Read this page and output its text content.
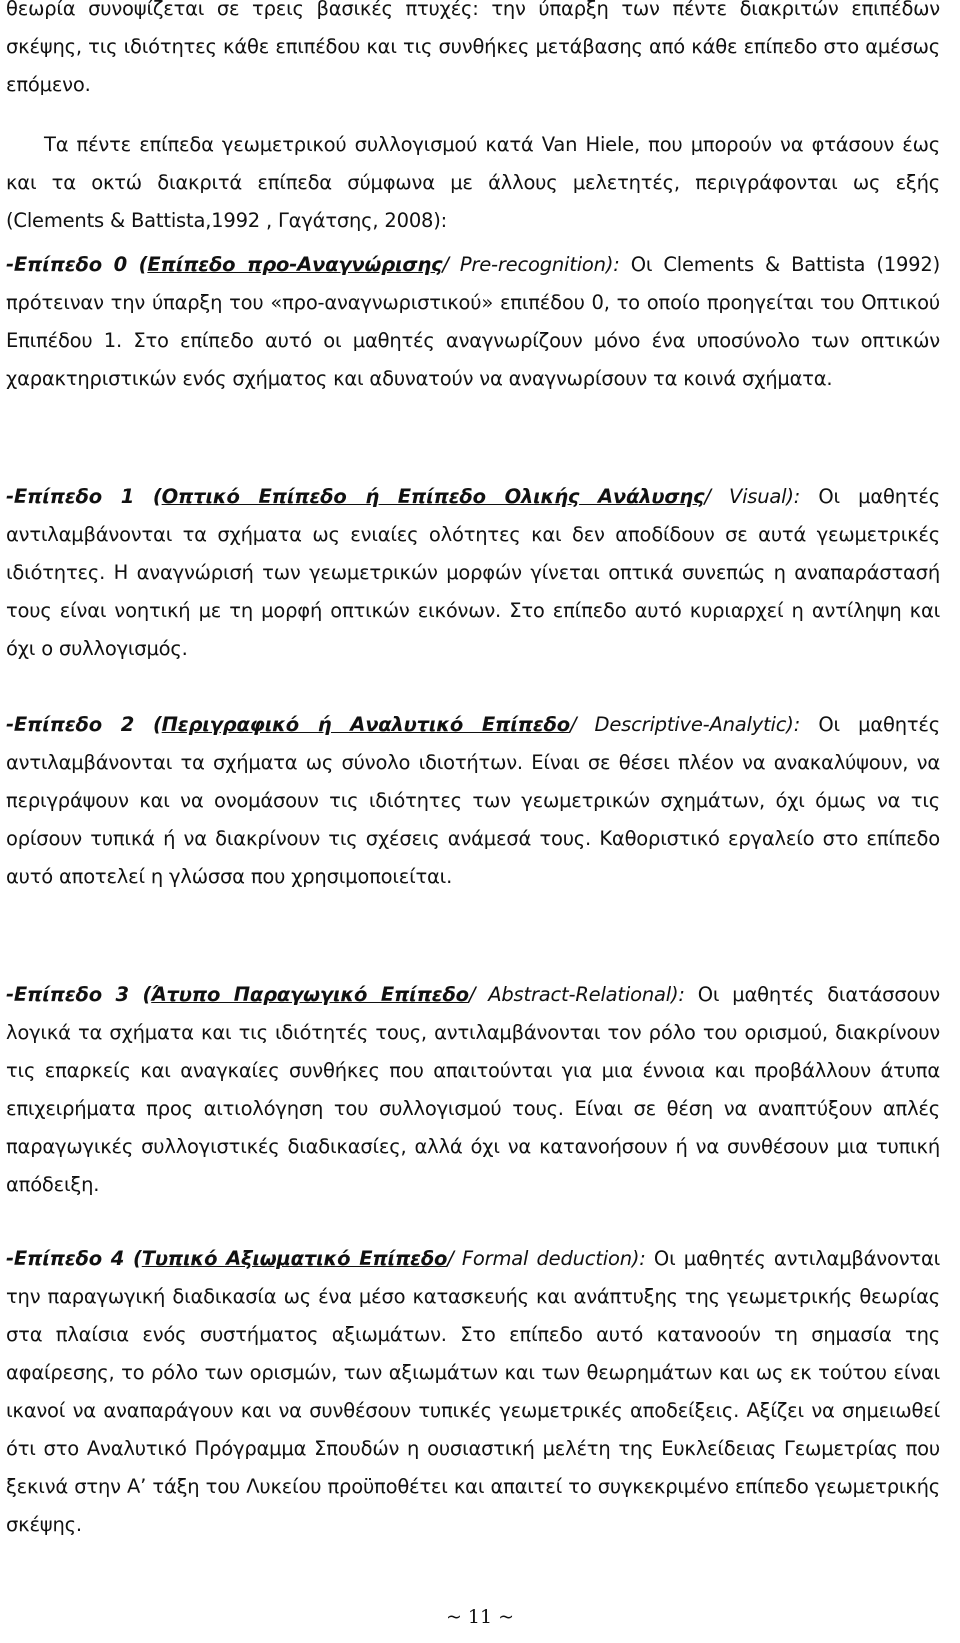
θεωρία συνοψίζεται σε τρεις βασικές πτυχές: την ύπαρξη των πέντε διακριτών επιπέδων σκέψης, τις ιδιότητες κάθε επιπέδου και τις συνθήκες μετάβασης από κάθε επίπεδο στο αμέσως επόμενο.

Τα πέντε επίπεδα γεωμετρικού συλλογισμού κατά Van Hiele, που μπορούν να φτάσουν έως και τα οκτώ διακριτά επίπεδα σύμφωνα με άλλους μελετητές, περιγράφονται ως εξής (Clements & Battista,1992 , Γαγάτσης, 2008):

-Επίπεδο 0 (Επίπεδο προ-Αναγνώρισης/ Pre-recognition): Οι Clements & Battista (1992) πρότειναν την ύπαρξη του «προ-αναγνωριστικού» επιπέδου 0, το οποίο προηγείται του Οπτικού Επιπέδου 1. Στο επίπεδο αυτό οι μαθητές αναγνωρίζουν μόνο ένα υποσύνολο των οπτικών χαρακτηριστικών ενός σχήματος και αδυνατούν να αναγνωρίσουν τα κοινά σχήματα.

-Επίπεδο 1 (Οπτικό Επίπεδο ή Επίπεδο Ολικής Ανάλυσης/ Visual): Οι μαθητές αντιλαμβάνονται τα σχήματα ως ενιαίες ολότητες και δεν αποδίδουν σε αυτά γεωμετρικές ιδιότητες. Η αναγνώρισή των γεωμετρικών μορφών γίνεται οπτικά συνεπώς η αναπαράστασή τους είναι νοητική με τη μορφή οπτικών εικόνων. Στο επίπεδο αυτό κυριαρχεί η αντίληψη και όχι ο συλλογισμός.

-Επίπεδο 2 (Περιγραφικό ή Αναλυτικό Επίπεδο/ Descriptive-Analytic): Οι μαθητές αντιλαμβάνονται τα σχήματα ως σύνολο ιδιοτήτων. Είναι σε θέσει πλέον να ανακαλύψουν, να περιγράψουν και να ονομάσουν τις ιδιότητες των γεωμετρικών σχημάτων, όχι όμως να τις ορίσουν τυπικά ή να διακρίνουν τις σχέσεις ανάμεσά τους. Καθοριστικό εργαλείο στο επίπεδο αυτό αποτελεί η γλώσσα που χρησιμοποιείται.

-Επίπεδο 3 (Άτυπο Παραγωγικό Επίπεδο/ Abstract-Relational): Οι μαθητές διατάσσουν λογικά τα σχήματα και τις ιδιότητές τους, αντιλαμβάνονται τον ρόλο του ορισμού, διακρίνουν τις επαρκείς και αναγκαίες συνθήκες που απαιτούνται για μια έννοια και προβάλλουν άτυπα επιχειρήματα προς αιτιολόγηση του συλλογισμού τους. Είναι σε θέση να αναπτύξουν απλές παραγωγικές συλλογιστικές διαδικασίες, αλλά όχι να κατανοήσουν ή να συνθέσουν μια τυπική απόδειξη.

-Επίπεδο 4 (Τυπικό Αξιωματικό Επίπεδο/ Formal deduction): Οι μαθητές αντιλαμβάνονται την παραγωγική διαδικασία ως ένα μέσο κατασκευής και ανάπτυξης της γεωμετρικής θεωρίας στα πλαίσια ενός συστήματος αξιωμάτων. Στο επίπεδο αυτό κατανοούν τη σημασία της αφαίρεσης, το ρόλο των ορισμών, των αξιωμάτων και των θεωρημάτων και ως εκ τούτου είναι ικανοί να αναπαράγουν και να συνθέσουν τυπικές γεωμετρικές αποδείξεις. Αξίζει να σημειωθεί ότι στο Αναλυτικό Πρόγραμμα Σπουδών η ουσιαστική μελέτη της Ευκλείδειας Γεωμετρίας που ξεκινά στην Α’ τάξη του Λυκείου προϋποθέτει και απαιτεί το συγκεκριμένο επίπεδο γεωμετρικής σκέψης.

~ 11 ~
